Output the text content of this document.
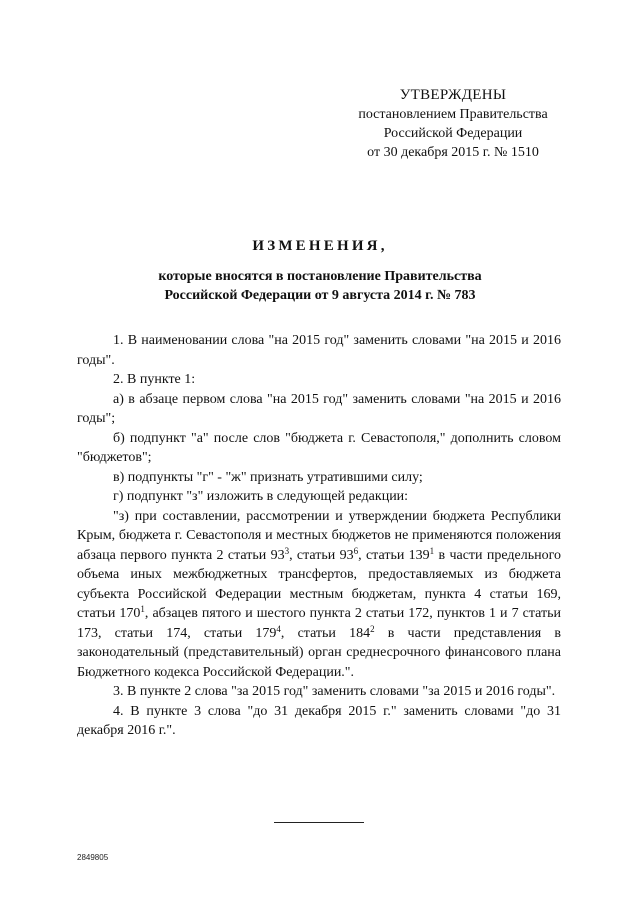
УТВЕРЖДЕНЫ
постановлением Правительства
Российской Федерации
от 30 декабря 2015 г. № 1510
ИЗМЕНЕНИЯ,
которые вносятся в постановление Правительства
Российской Федерации от 9 августа 2014 г. № 783

1. В наименовании слова "на 2015 год" заменить словами "на 2015 и 2016 годы".

2. В пункте 1:

а) в абзаце первом слова "на 2015 год" заменить словами "на 2015 и 2016 годы";

б) подпункт "а" после слов "бюджета г. Севастополя," дополнить словом "бюджетов";

в) подпункты "г" - "ж" признать утратившими силу;

г) подпункт "з" изложить в следующей редакции:

"з) при составлении, рассмотрении и утверждении бюджета Республики Крым, бюджета г. Севастополя и местных бюджетов не применяются положения абзаца первого пункта 2 статьи $93^3$, статьи $93^6$, статьи $139^1$ в части предельного объема иных межбюджетных трансфертов, предоставляемых из бюджета субъекта Российской Федерации местным бюджетам, пункта 4 статьи 169, статьи $170^1$, абзацев пятого и шестого пункта 2 статьи 172, пунктов 1 и 7 статьи 173, статьи 174, статьи $179^4$, статьи $184^2$ в части представления в законодательный (представительный) орган среднесрочного финансового плана Бюджетного кодекса Российской Федерации.".

3. В пункте 2 слова "за 2015 год" заменить словами "за 2015 и 2016 годы".

4. В пункте 3 слова "до 31 декабря 2015 г." заменить словами "до 31 декабря 2016 г.".

2849805
